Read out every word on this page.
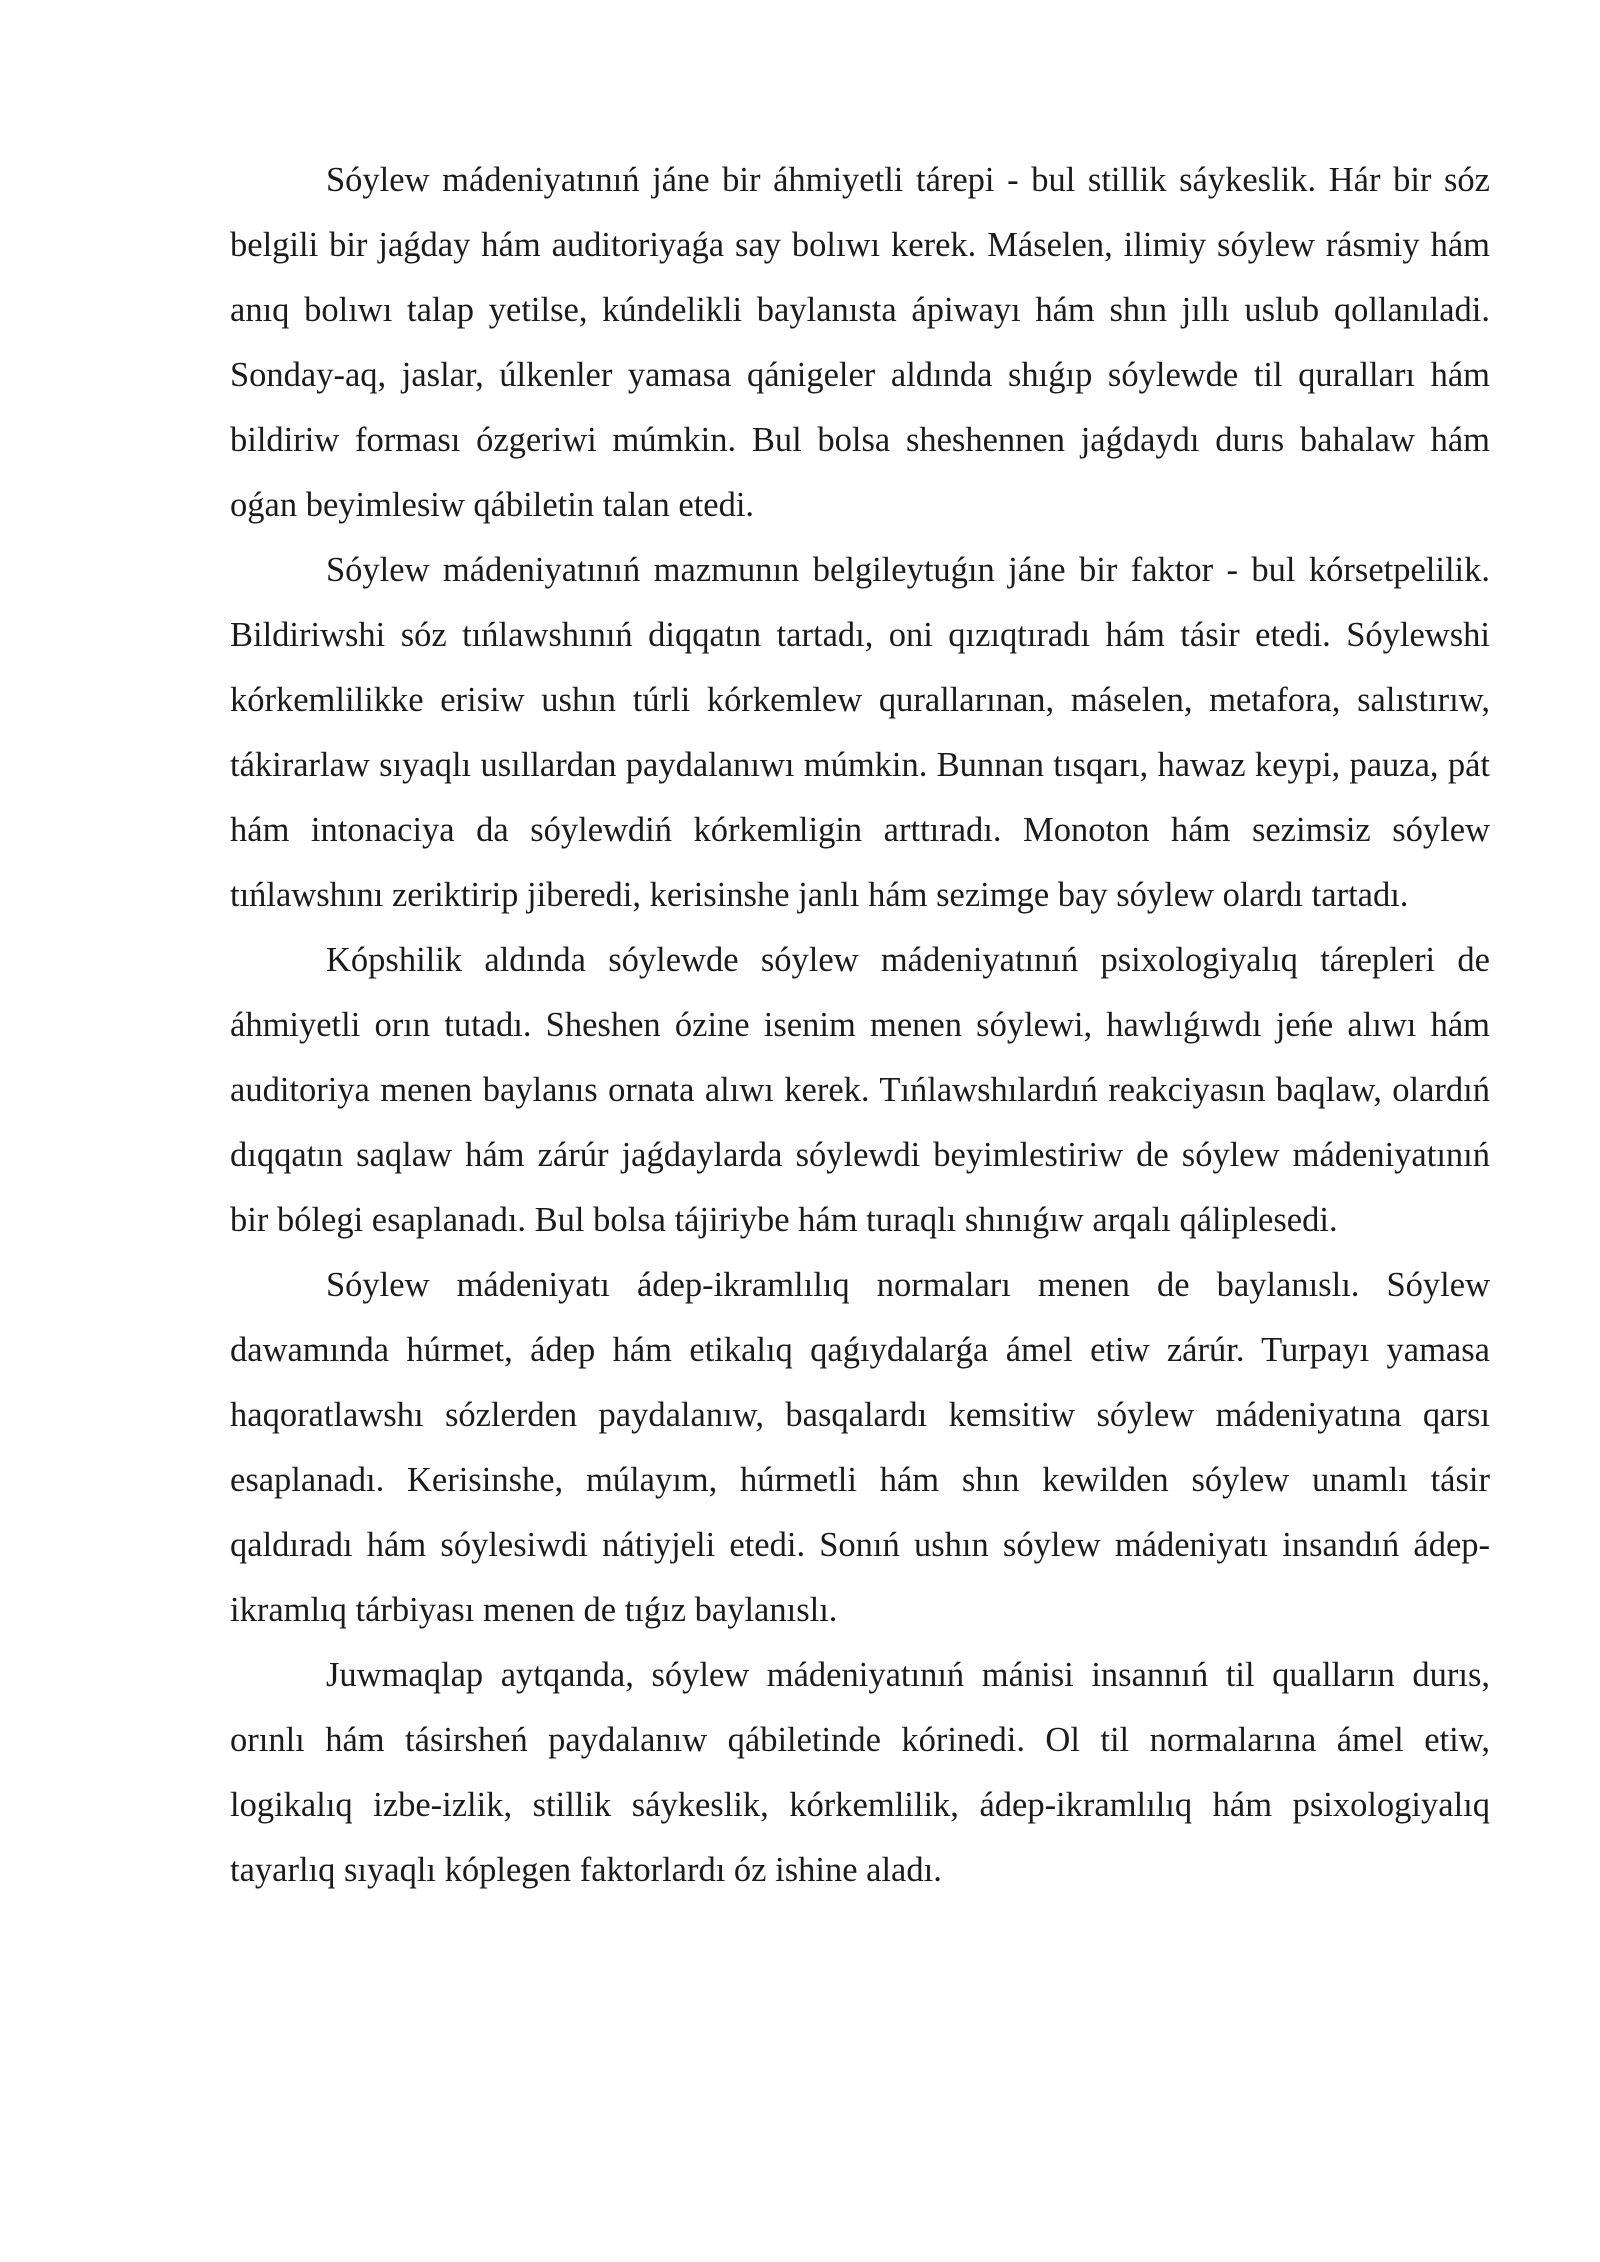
Sóylew mádeniyatınıń jáne bir áhmiyetli tárepi - bul stillik sáykeslik. Hár bir sóz belgili bir jaǵday hám auditoriyaǵa say bolıwı kerek. Máselen, ilimiy sóylew rásmiy hám anıq bolıwı talap yetilse, kúndelikli baylanısta ápiwayı hám shın jıllı uslub qollanıladi. Sonday-aq, jaslar, úlkenler yamasa qánigeler aldında shıǵıp sóylewde til quralları hám bildiriw forması ózgeriwi múmkin. Bul bolsa sheshennen jaǵdaydı durıs bahalaw hám oǵan beyimlesiw qábiletin talan etedi.

Sóylew mádeniyatınıń mazmunın belgileytuǵın jáne bir faktor - bul kórsetpelilik. Bildiriwshi sóz tıńlawshınıń diqqatın tartadı, oni qızıqtıradı hám tásir etedi. Sóylewshi kórkemlilikke erisiw ushın túrli kórkemlew qurallarınan, máselen, metafora, salıstırıw, tákirarlaw sıyaqlı usıllardan paydalanıwı múmkin. Bunnan tısqarı, hawaz keypi, pauza, pát hám intonaciya da sóylewdiń kórkemligin arttıradı. Monoton hám sezimsiz sóylew tıńlawshını zeriktirip jiberedi, kerisinshe janlı hám sezimge bay sóylew olardı tartadı.

Kópshilik aldında sóylewde sóylew mádeniyatınıń psixologiyalıq tárepleri de áhmiyetli orın tutadı. Sheshen ózine isenim menen sóylewi, hawlıǵıwdı jeńe alıwı hám auditoriya menen baylanıs ornata alıwı kerek. Tıńlawshılardıń reakciyasın baqlaw, olardıń dıqqatın saqlaw hám zárúr jaǵdaylarda sóylewdi beyimlestiriw de sóylew mádeniyatınıń bir bólegi esaplanadı. Bul bolsa tájiriybe hám turaqlı shınıǵıw arqalı qáliplesedi.

Sóylew mádeniyatı ádep-ikramlılıq normaları menen de baylanıslı. Sóylew dawamında húrmet, ádep hám etikalıq qaǵıydalarǵa ámel etiw zárúr. Turpayı yamasa haqoratlawshı sózlerden paydalanıw, basqalardı kemsitiw sóylew mádeniyatına qarsı esaplanadı. Kerisinshe, múlayım, húrmetli hám shın kewilden sóylew unamlı tásir qaldıradı hám sóylesiwdi nátiyjeli etedi. Sonıń ushın sóylew mádeniyatı insandıń ádep-ikramlıq tárbiyası menen de tıǵız baylanıslı.

Juwmaqlap aytqanda, sóylew mádeniyatınıń mánisi insannıń til qualların durıs, orınlı hám tásirsheń paydalanıw qábiletinde kórinedi. Ol til normalarına ámel etiw, logikalıq izbe-izlik, stillik sáykeslik, kórkemlilik, ádep-ikramlılıq hám psixologiyalıq tayarlıq sıyaqlı kóplegen faktorlardı óz ishine aladı.
